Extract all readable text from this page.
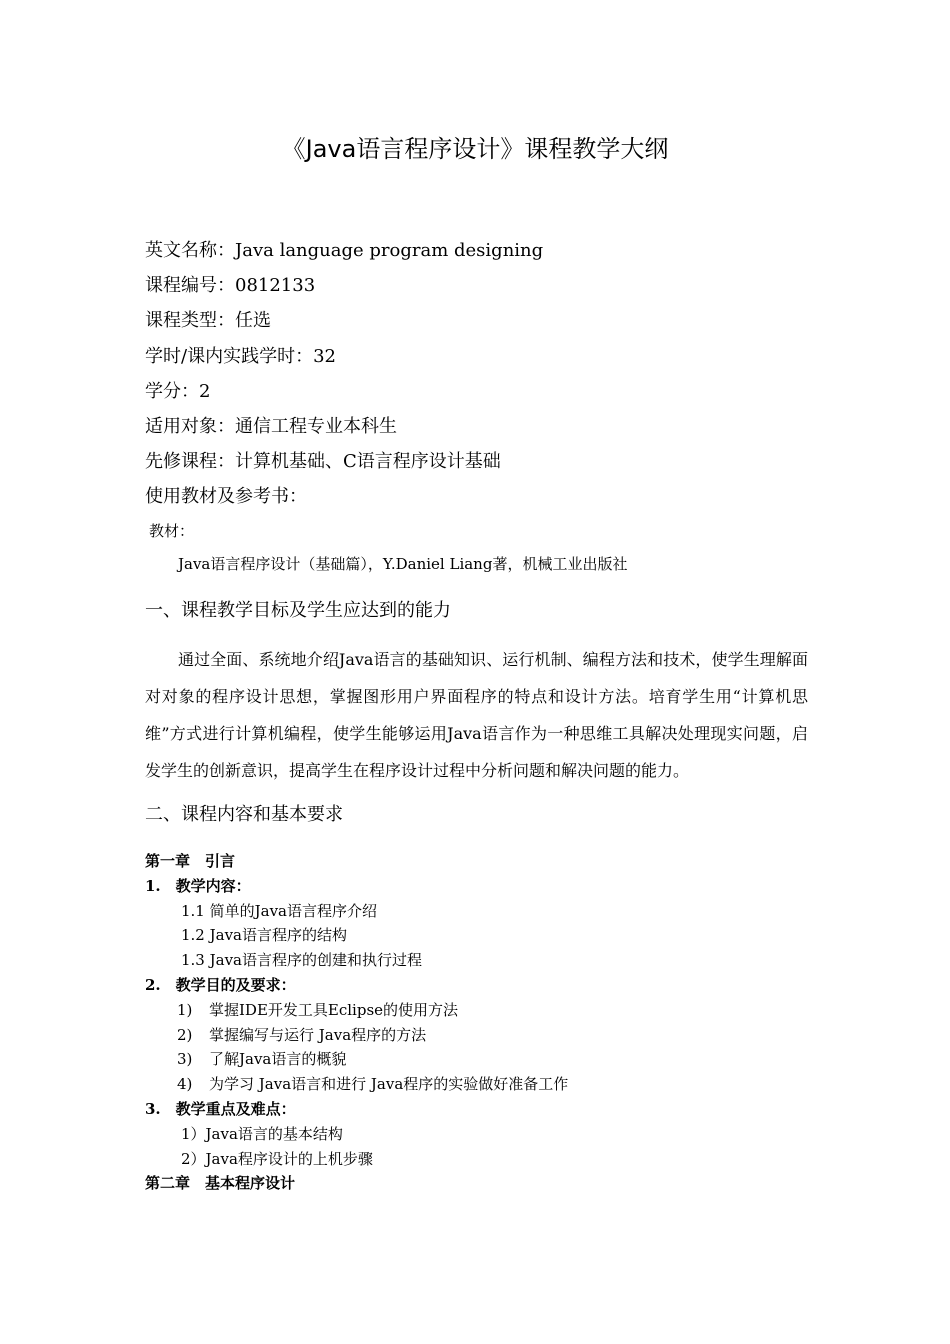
《Java语言程序设计》课程教学大纲
英文名称：Java language program designing
课程编号：0812133
课程类型：任选
学时/课内实践学时：32
学分：2
适用对象：通信工程专业本科生
先修课程：计算机基础、C语言程序设计基础
使用教材及参考书：
教材：
Java语言程序设计（基础篇），Y.Daniel Liang著，机械工业出版社
一、课程教学目标及学生应达到的能力
通过全面、系统地介绍Java语言的基础知识、运行机制、编程方法和技术，使学生理解面对对象的程序设计思想，掌握图形用户界面程序的特点和设计方法。培育学生用“计算机思维”方式进行计算机编程，使学生能够运用Java语言作为一种思维工具解决处理现实问题，启发学生的创新意识，提高学生在程序设计过程中分析问题和解决问题的能力。
二、课程内容和基本要求
第一章　引言
1.　教学内容：
1.1 简单的Java语言程序介绍
1.2 Java语言程序的结构
1.3 Java语言程序的创建和执行过程
2.　教学目的及要求：
1) 掌握IDE开发工具Eclipse的使用方法
2) 掌握编写与运行 Java程序的方法
3) 了解Java语言的概貌
4) 为学习 Java语言和进行 Java程序的实验做好准备工作
3.　教学重点及难点：
1）Java语言的基本结构
2）Java程序设计的上机步骤
第二章　基本程序设计
